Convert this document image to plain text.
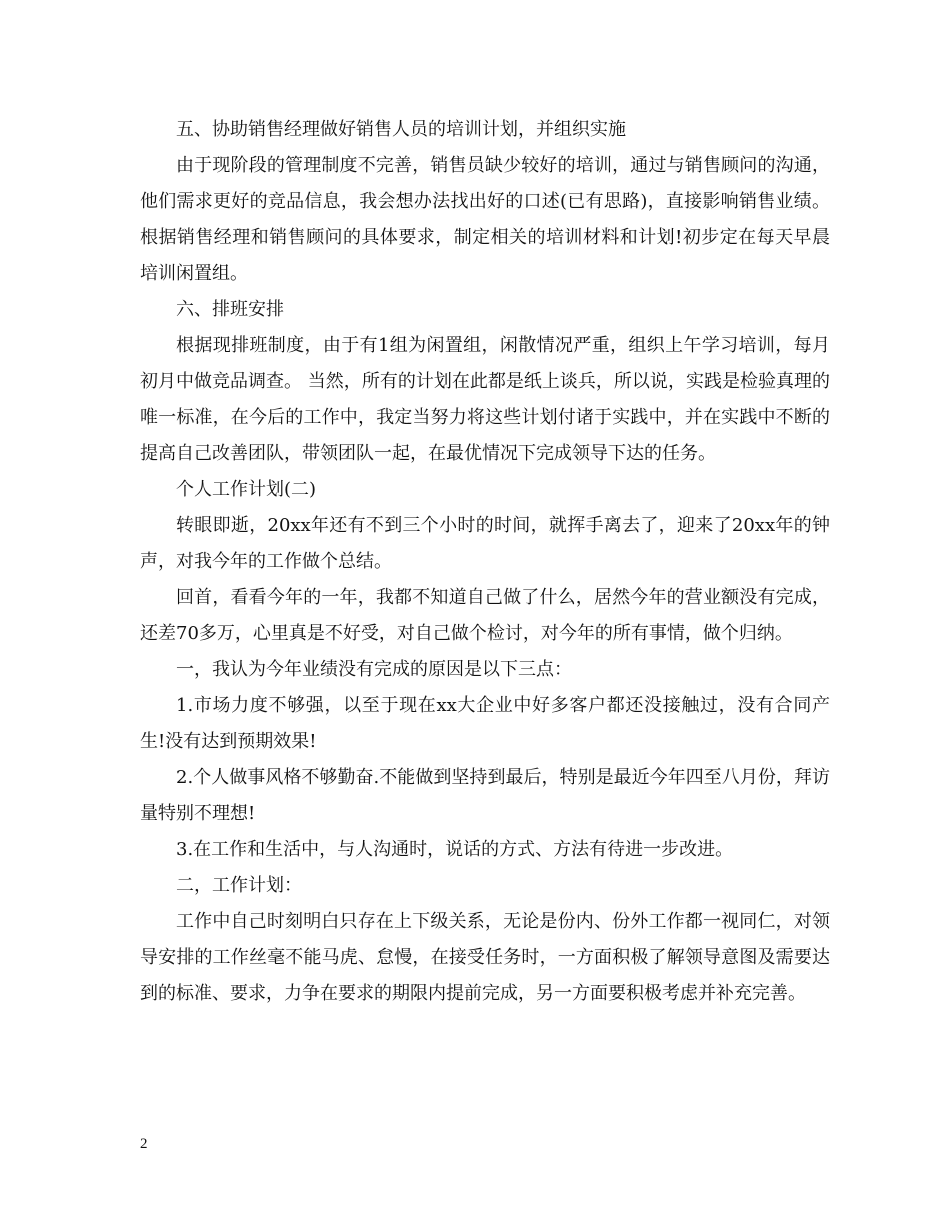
五、协助销售经理做好销售人员的培训计划，并组织实施

由于现阶段的管理制度不完善，销售员缺少较好的培训，通过与销售顾问的沟通，他们需求更好的竞品信息，我会想办法找出好的口述(已有思路)，直接影响销售业绩。根据销售经理和销售顾问的具体要求，制定相关的培训材料和计划!初步定在每天早晨培训闲置组。

六、排班安排

根据现排班制度，由于有1组为闲置组，闲散情况严重，组织上午学习培训，每月初月中做竞品调查。 当然，所有的计划在此都是纸上谈兵，所以说，实践是检验真理的唯一标准，在今后的工作中，我定当努力将这些计划付诸于实践中，并在实践中不断的提高自己改善团队，带领团队一起，在最优情况下完成领导下达的任务。

个人工作计划(二)

转眼即逝，20xx年还有不到三个小时的时间，就挥手离去了，迎来了20xx年的钟声，对我今年的工作做个总结。

回首，看看今年的一年，我都不知道自己做了什么，居然今年的营业额没有完成，还差70多万，心里真是不好受，对自己做个检讨，对今年的所有事情，做个归纳。

一，我认为今年业绩没有完成的原因是以下三点：

1.市场力度不够强，以至于现在xx大企业中好多客户都还没接触过，没有合同产生!没有达到预期效果!

2.个人做事风格不够勤奋.不能做到坚持到最后，特别是最近今年四至八月份，拜访量特别不理想!

3.在工作和生活中，与人沟通时，说话的方式、方法有待进一步改进。

二，工作计划：

工作中自己时刻明白只存在上下级关系，无论是份内、份外工作都一视同仁，对领导安排的工作丝毫不能马虎、怠慢，在接受任务时，一方面积极了解领导意图及需要达到的标准、要求，力争在要求的期限内提前完成，另一方面要积极考虑并补充完善。

2
